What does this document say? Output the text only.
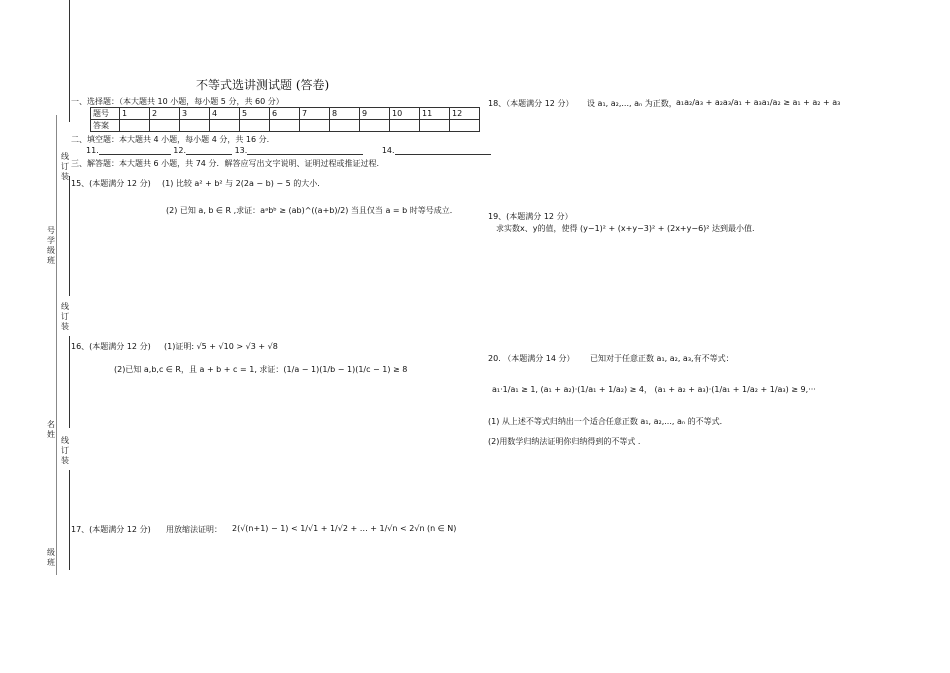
线订装
号学级班
线订装
名姓
线订装
级班
不等式选讲测试题 (答卷)
一、选择题：（本大题共 10 小题，每小题 5 分，共 60 分）
题号	1	2	3	4	5	6	7	8	9	10	11	12
答案												
二、填空题：本大题共 4 小题，每小题 4 分，共 16 分.
11.	12.	13.	14.
三、解答题：本大题共 6 小题，共 74 分．解答应写出文字说明、证明过程或推证过程.
15、(本题满分 12 分) (1) 比较 a² + b² 与 2(2a − b) − 5 的大小．
(2) 已知 a, b ∈ R ,求证：aᵃbᵇ ≥ (ab)^((a+b)/2) 当且仅当 a = b 时等号成立．
16、(本题满分 12 分) (1)证明: √5 + √10 > √3 + √8
(2)已知 a,b,c ∈ R，且 a + b + c = 1, 求证：(1/a − 1)(1/b − 1)(1/c − 1) ≥ 8
17、(本题满分 12 分) 用放缩法证明： 2(√(n+1) − 1) < 1/√1 + 1/√2 + … + 1/√n < 2√n (n ∈ N)
18、（本题满分 12 分） 设 a₁, a₂,..., aₙ 为正数， a₁a₂/a₃ + a₂a₃/a₁ + a₃a₁/a₂ ≥ a₁ + a₂ + a₃
19、(本题满分 12 分）
求实数x、y的值，使得 (y−1)² + (x+y−3)² + (2x+y−6)² 达到最小值.
20. （本题满分 14 分） 已知对于任意正数 a₁, a₂, a₃,有不等式：
a₁·1/a₁ ≥ 1, (a₁ + a₂)·(1/a₁ + 1/a₂) ≥ 4， (a₁ + a₂ + a₃)·(1/a₁ + 1/a₂ + 1/a₃) ≥ 9,···
(1) 从上述不等式归纳出一个适合任意正数 a₁, a₂,..., aₙ 的不等式．
(2)用数学归纳法证明你归纳得到的不等式 .
